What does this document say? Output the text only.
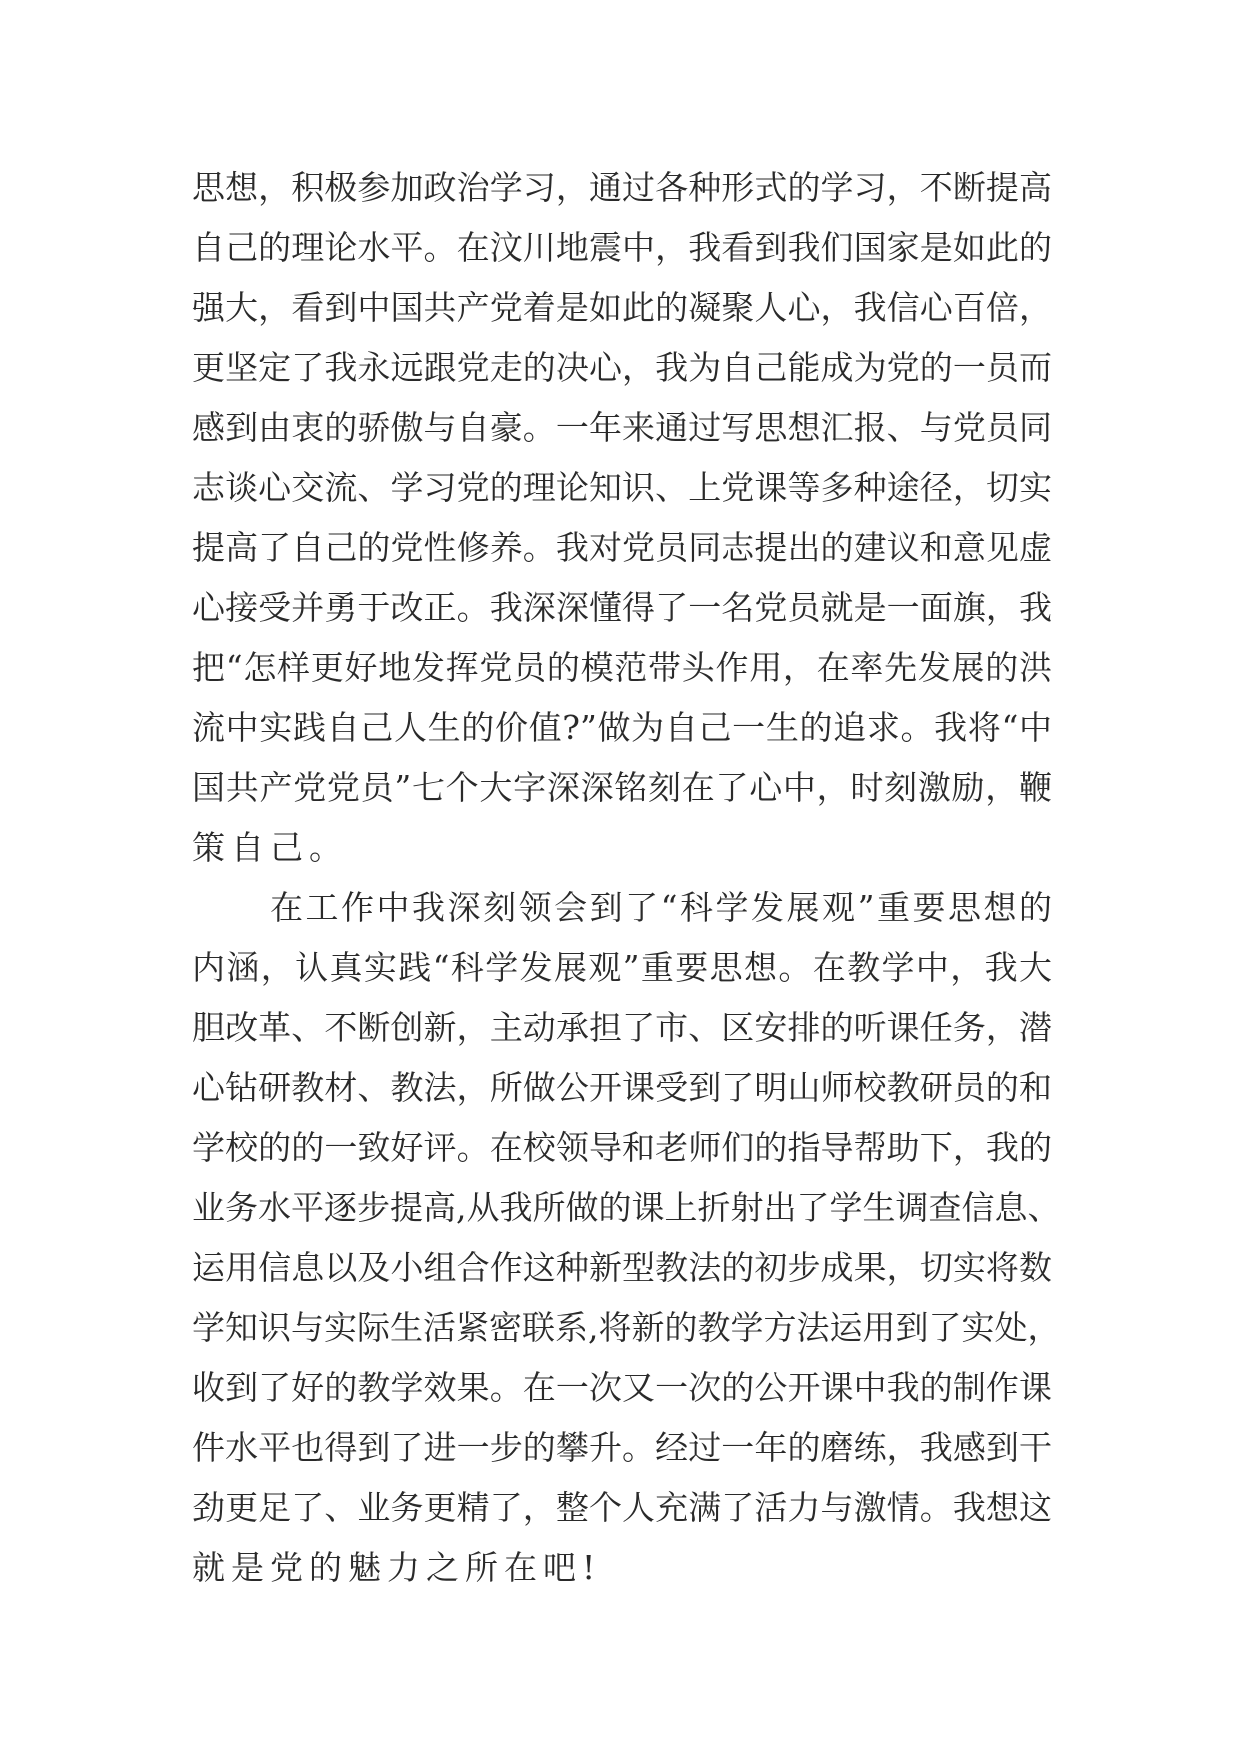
思想，积极参加政治学习，通过各种形式的学习，不断提高
自己的理论水平。在汶川地震中，我看到我们国家是如此的
强大，看到中国共产党着是如此的凝聚人心，我信心百倍，
更坚定了我永远跟党走的决心，我为自己能成为党的一员而
感到由衷的骄傲与自豪。一年来通过写思想汇报、与党员同
志谈心交流、学习党的理论知识、上党课等多种途径，切实
提高了自己的党性修养。我对党员同志提出的建议和意见虚
心接受并勇于改正。我深深懂得了一名党员就是一面旗，我
把“怎样更好地发挥党员的模范带头作用，在率先发展的洪
流中实践自己人生的价值?”做为自己一生的追求。我将“中
国共产党党员”七个大字深深铭刻在了心中，时刻激励，鞭
策自己。
在工作中我深刻领会到了“科学发展观”重要思想的
内涵，认真实践“科学发展观”重要思想。在教学中，我大
胆改革、不断创新，主动承担了市、区安排的听课任务，潜
心钻研教材、教法，所做公开课受到了明山师校教研员的和
学校的的一致好评。在校领导和老师们的指导帮助下，我的
业务水平逐步提高,从我所做的课上折射出了学生调查信息、
运用信息以及小组合作这种新型教法的初步成果，切实将数
学知识与实际生活紧密联系,将新的教学方法运用到了实处，
收到了好的教学效果。在一次又一次的公开课中我的制作课
件水平也得到了进一步的攀升。经过一年的磨练，我感到干
劲更足了、业务更精了，整个人充满了活力与激情。我想这
就是党的魅力之所在吧!
